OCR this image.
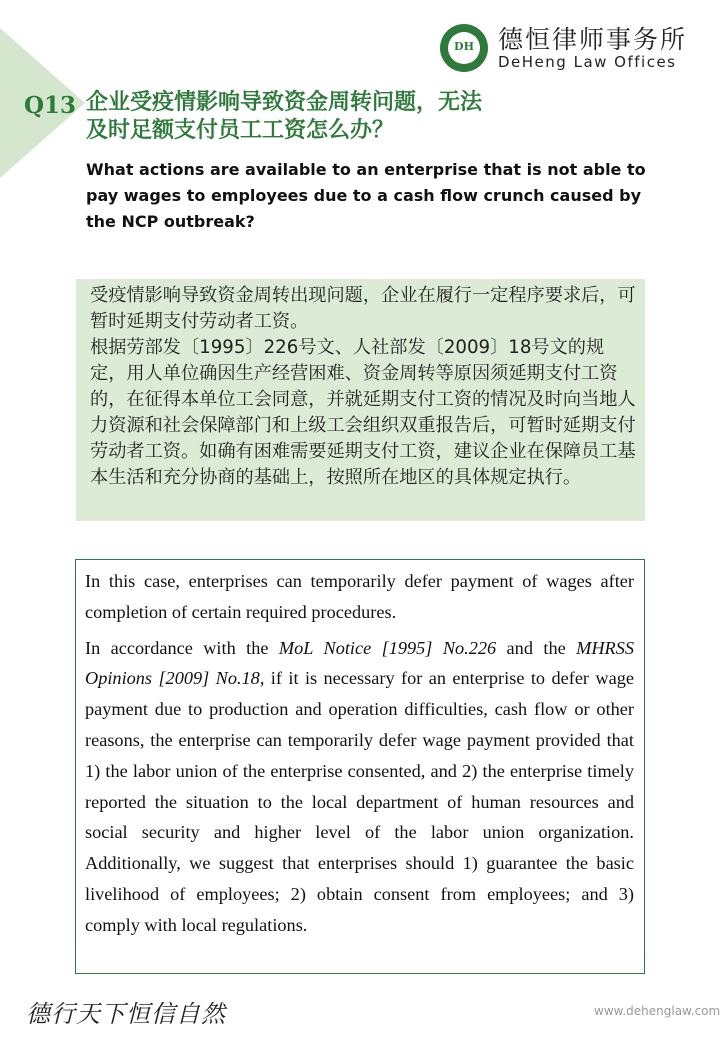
Q13
DH 德恒律师事务所
DeHeng Law Offices
企业受疫情影响导致资金周转问题，无法
及时足额支付员工工资怎么办？
What actions are available to an enterprise that is not able to pay wages to employees due to a cash flow crunch caused by the NCP outbreak?

受疫情影响导致资金周转出现问题，企业在履行一定程序要求后，可暂时延期支付劳动者工资。

根据劳部发〔1995〕226号文、人社部发〔2009〕18号文的规定，用人单位确因生产经营困难、资金周转等原因须延期支付工资的，在征得本单位工会同意，并就延期支付工资的情况及时向当地人力资源和社会保障部门和上级工会组织双重报告后，可暂时延期支付劳动者工资。如确有困难需要延期支付工资，建议企业在保障员工基本生活和充分协商的基础上，按照所在地区的具体规定执行。

In this case, enterprises can temporarily defer payment of wages after completion of certain required procedures.

In accordance with the MoL Notice [1995] No.226 and the MHRSS Opinions [2009] No.18, if it is necessary for an enterprise to defer wage payment due to production and operation difficulties, cash flow or other reasons, the enterprise can temporarily defer wage payment provided that 1) the labor union of the enterprise consented, and 2) the enterprise timely reported the situation to the local department of human resources and social security and higher level of the labor union organization. Additionally, we suggest that enterprises should 1) guarantee the basic livelihood of employees; 2) obtain consent from employees; and 3) comply with local regulations.

德行天下恒信自然	www.dehenglaw.com
